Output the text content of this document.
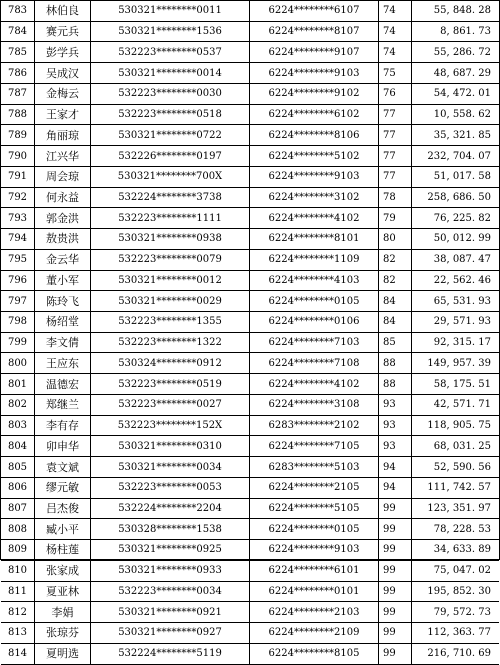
783	林伯良	530321********0011	6224********6107	74	55, 848. 28
784	赛元兵	530321********1536	6224********8107	74	8, 861. 73
785	彭学兵	532223********0537	6224********9107	74	55, 286. 72
786	吴成汉	530321********0014	6224********9103	75	48, 687. 29
787	金梅云	532223********0030	6224********9102	76	54, 472. 01
788	王家才	532223********0518	6224********6102	77	10, 558. 62
789	角丽琼	530321********0722	6224********8106	77	35, 321. 85
790	江兴华	532226********0197	6224********5102	77	232, 704. 07
791	周会琼	530321********700X	6224********9103	77	51, 017. 58
792	何永益	532224********3738	6224********3102	78	258, 686. 50
793	郭金洪	532223********1111	6224********4102	79	76, 225. 82
794	敖贵洪	530321********0938	6224********8101	80	50, 012. 99
795	金云华	532223********0079	6224********1109	82	38, 087. 47
796	董小军	530321********0012	6224********4103	82	22, 562. 46
797	陈玲飞	530321********0029	6224********0105	84	65, 531. 93
798	杨绍堂	532223********1355	6224********0106	84	29, 571. 93
799	李文倩	532223********1322	6224********7103	85	92, 315. 17
800	王应东	530324********0912	6224********7108	88	149, 957. 39
801	温德宏	532223********0519	6224********4102	88	58, 175. 51
802	郑继兰	532223********0027	6224********3108	93	42, 571. 71
803	李有存	532223********152X	6283********2102	93	118, 905. 75
804	卯申华	530321********0310	6224********7105	93	68, 031. 25
805	袁文斌	530321********0034	6283********5103	94	52, 590. 56
806	缪元敏	532223********0053	6224********2105	94	111, 742. 57
807	吕杰俊	532224********2204	6224********5105	99	123, 351. 97
808	臧小平	530328********1538	6224********0105	99	78, 228. 53
809	杨柱莲	530321********0925	6224********9103	99	34, 633. 89
810	张家成	530321********0933	6224********6101	99	75, 047. 02
811	夏亚林	532223********0034	6224********0101	99	195, 852. 30
812	李娟	530321********0921	6224********2103	99	79, 572. 73
813	张琼芬	530321********0927	6224********2109	99	112, 363. 77
814	夏明选	532224********5119	6224********8105	99	216, 710. 69
